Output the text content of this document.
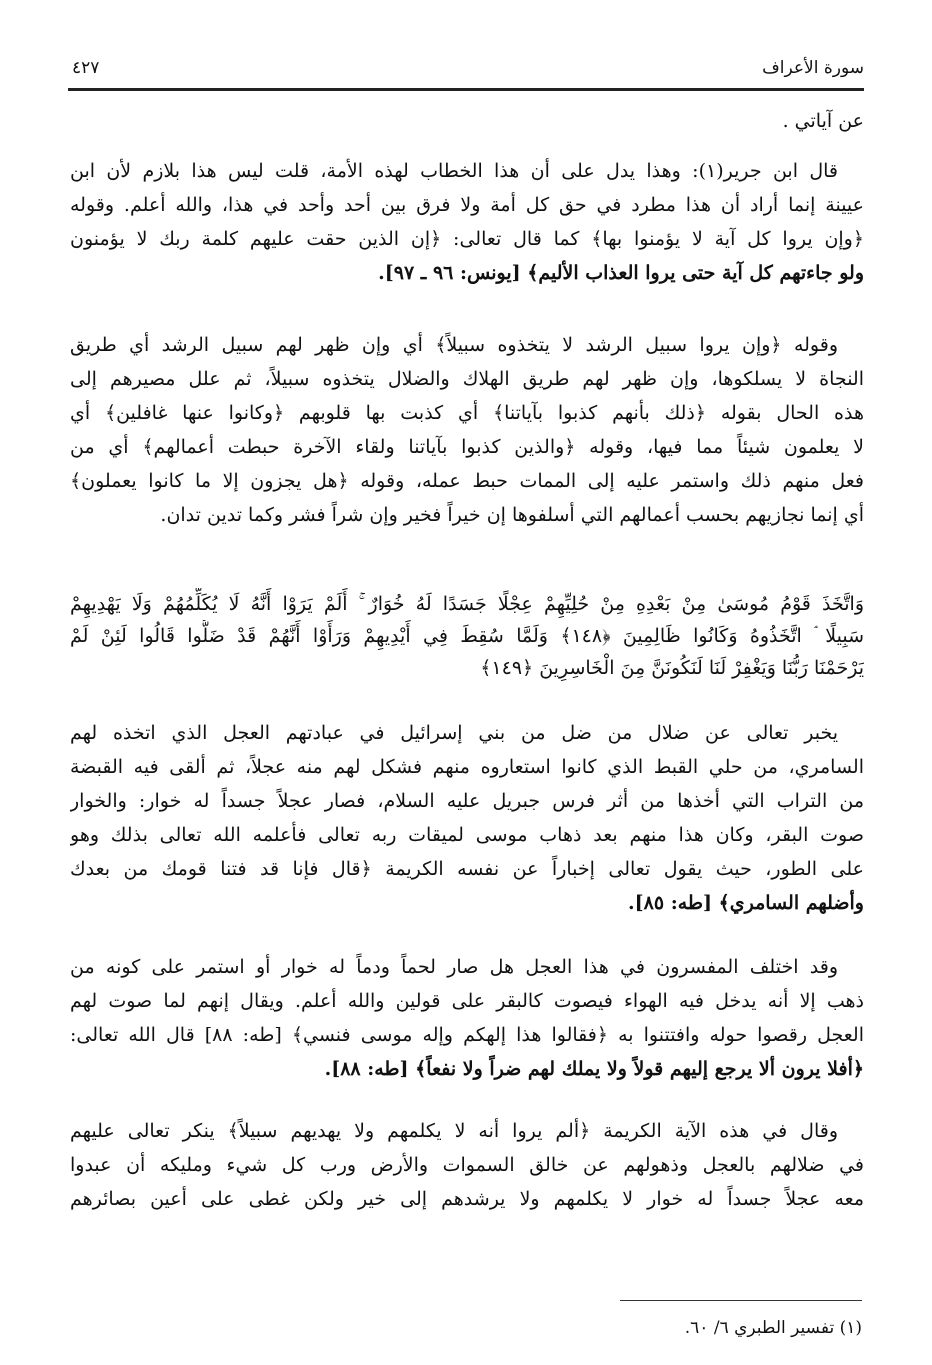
سورة الأعراف
٤٢٧
عن آياتي .
قال ابن جرير(١): وهذا يدل على أن هذا الخطاب لهذه الأمة، قلت ليس هذا بلازم لأن ابن
عيينة إنما أراد أن هذا مطرد في حق كل أمة ولا فرق بين أحد وأحد في هذا، والله أعلم. وقوله
﴿وإن يروا كل آية لا يؤمنوا بها﴾ كما قال تعالى: ﴿إن الذين حقت عليهم كلمة ربك لا يؤمنون
ولو جاءتهم كل آية حتى يروا العذاب الأليم﴾ [يونس: ٩٦ ـ ٩٧].
وقوله ﴿وإن يروا سبيل الرشد لا يتخذوه سبيلاً﴾ أي وإن ظهر لهم سبيل الرشد أي طريق
النجاة لا يسلكوها، وإن ظهر لهم طريق الهلاك والضلال يتخذوه سبيلاً، ثم علل مصيرهم إلى
هذه الحال بقوله ﴿ذلك بأنهم كذبوا بآياتنا﴾ أي كذبت بها قلوبهم ﴿وكانوا عنها غافلين﴾ أي
لا يعلمون شيئاً مما فيها، وقوله ﴿والذين كذبوا بآياتنا ولقاء الآخرة حبطت أعمالهم﴾ أي من
فعل منهم ذلك واستمر عليه إلى الممات حبط عمله، وقوله ﴿هل يجزون إلا ما كانوا يعملون﴾
أي إنما نجازيهم بحسب أعمالهم التي أسلفوها إن خيراً فخير وإن شراً فشر وكما تدين تدان.
وَاتَّخَذَ قَوْمُ مُوسَىٰ مِنْ بَعْدِهِ مِنْ حُلِيِّهِمْ عِجْلًا جَسَدًا لَهُ خُوَارٌ ۚ أَلَمْ يَرَوْا أَنَّهُ لَا يُكَلِّمُهُمْ وَلَا يَهْدِيهِمْ
سَبِيلًا ۘ اتَّخَذُوهُ وَكَانُوا ظَالِمِينَ ﴿١٤٨﴾ وَلَمَّا سُقِطَ فِي أَيْدِيهِمْ وَرَأَوْا أَنَّهُمْ قَدْ ضَلُّوا قَالُوا لَئِنْ لَمْ
يَرْحَمْنَا رَبُّنَا وَيَغْفِرْ لَنَا لَنَكُونَنَّ مِنَ الْخَاسِرِينَ ﴿١٤٩﴾
يخبر تعالى عن ضلال من ضل من بني إسرائيل في عبادتهم العجل الذي اتخذه لهم
السامري، من حلي القبط الذي كانوا استعاروه منهم فشكل لهم منه عجلاً، ثم ألقى فيه القبضة
من التراب التي أخذها من أثر فرس جبريل عليه السلام، فصار عجلاً جسداً له خوار: والخوار
صوت البقر، وكان هذا منهم بعد ذهاب موسى لميقات ربه تعالى فأعلمه الله تعالى بذلك وهو
على الطور، حيث يقول تعالى إخباراً عن نفسه الكريمة ﴿قال فإنا قد فتنا قومك من بعدك
وأضلهم السامري﴾ [طه: ٨٥].
وقد اختلف المفسرون في هذا العجل هل صار لحماً ودماً له خوار أو استمر على كونه من
ذهب إلا أنه يدخل فيه الهواء فيصوت كالبقر على قولين والله أعلم. ويقال إنهم لما صوت لهم
العجل رقصوا حوله وافتتنوا به ﴿فقالوا هذا إلهكم وإله موسى فنسي﴾ [طه: ٨٨] قال الله تعالى:
﴿أفلا يرون ألا يرجع إليهم قولاً ولا يملك لهم ضراً ولا نفعاً﴾ [طه: ٨٨].
وقال في هذه الآية الكريمة ﴿ألم يروا أنه لا يكلمهم ولا يهديهم سبيلاً﴾ ينكر تعالى عليهم
في ضلالهم بالعجل وذهولهم عن خالق السموات والأرض ورب كل شيء ومليكه أن عبدوا
معه عجلاً جسداً له خوار لا يكلمهم ولا يرشدهم إلى خير ولكن غطى على أعين بصائرهم
(١) تفسير الطبري ٦/ ٦٠.
